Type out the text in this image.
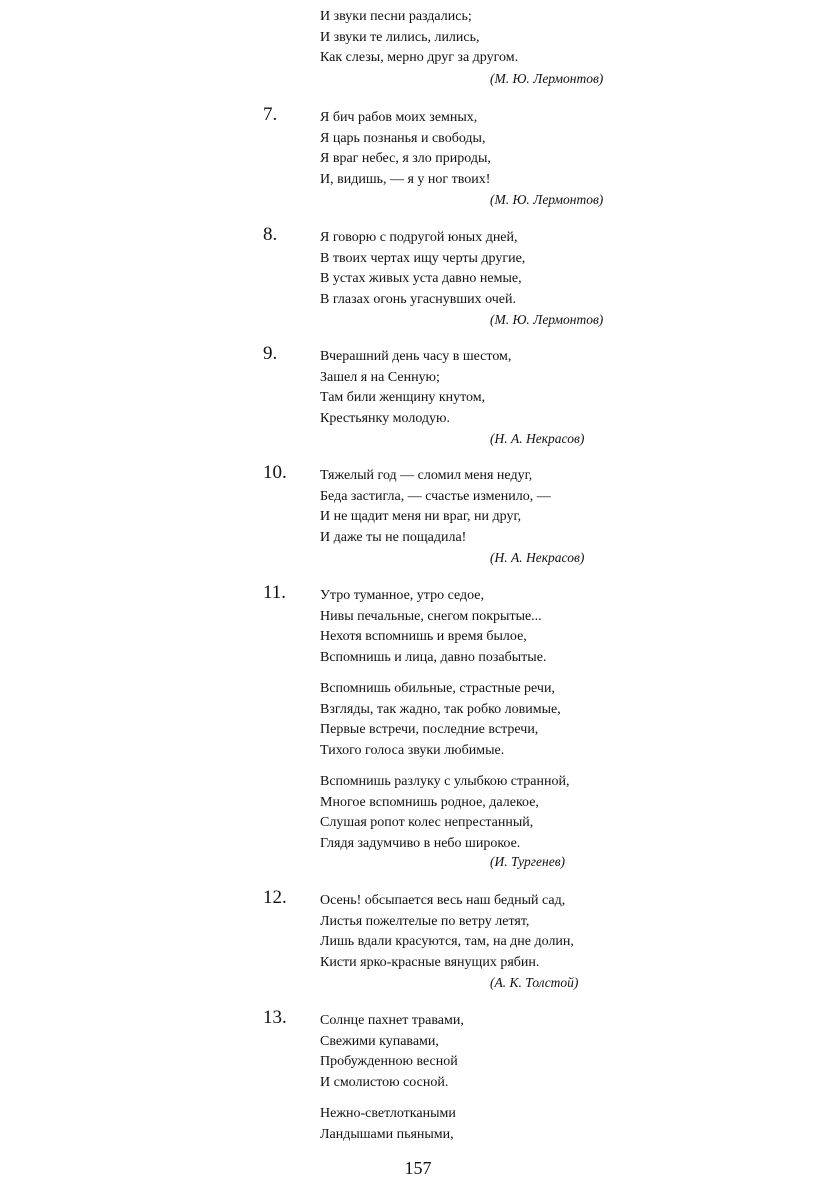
И звуки песни раздались;
И звуки те лились, лились,
Как слезы, мерно друг за другом.
(М. Ю. Лермонтов)
7.	Я бич рабов моих земных,
Я царь познанья и свободы,
Я враг небес, я зло природы,
И, видишь, — я у ног твоих!
(М. Ю. Лермонтов)
8.	Я говорю с подругой юных дней,
В твоих чертах ищу черты другие,
В устах живых уста давно немые,
В глазах огонь угаснувших очей.
(М. Ю. Лермонтов)
9.	Вчерашний день часу в шестом,
Зашел я на Сенную;
Там били женщину кнутом,
Крестьянку молодую.
(Н. А. Некрасов)
10. Тяжелый год — сломил меня недуг,
Беда застигла, — счастье изменило, —
И не щадит меня ни враг, ни друг,
И даже ты не пощадила!
(Н. А. Некрасов)
11. Утро туманное, утро седое,
Нивы печальные, снегом покрытые...
Нехотя вспомнишь и время былое,
Вспомнишь и лица, давно позабытые.
Вспомнишь обильные, страстные речи,
Взгляды, так жадно, так робко ловимые,
Первые встречи, последние встречи,
Тихого голоса звуки любимые.
Вспомнишь разлуку с улыбкою странной,
Многое вспомнишь родное, далекое,
Слушая ропот колес непрестанный,
Глядя задумчиво в небо широкое.
(И. Тургенев)
12. Осень! обсыпается весь наш бедный сад,
Листья пожелтелые по ветру летят,
Лишь вдали красуются, там, на дне долин,
Кисти ярко-красные вянущих рябин.
(А. К. Толстой)
13. Солнце пахнет травами,
Свежими купавами,
Пробужденною весной
И смолистою сосной.
Нежно-светлоткаными
Ландышами пьяными,
157
